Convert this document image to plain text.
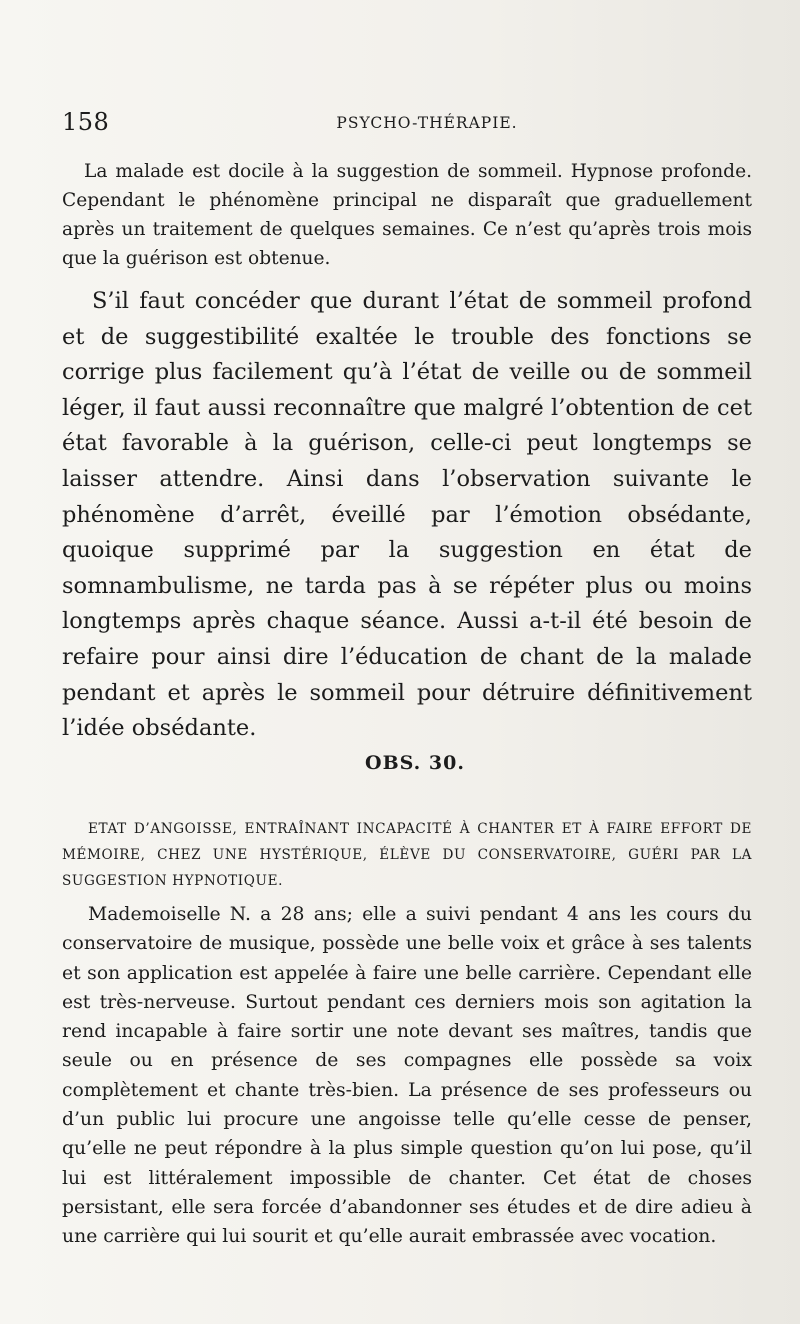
158	PSYCHO-THÉRAPIE.

La malade est docile à la suggestion de sommeil. Hypnose profonde. Cependant le phénomène principal ne disparaît que graduellement après un traitement de quelques semaines. Ce n’est qu’après trois mois que la guérison est obtenue.

S’il faut concéder que durant l’état de sommeil profond et de suggestibilité exaltée le trouble des fonctions se corrige plus facilement qu’à l’état de veille ou de sommeil léger, il faut aussi reconnaître que malgré l’obtention de cet état favorable à la guérison, celle-ci peut longtemps se laisser attendre. Ainsi dans l’observation suivante le phénomène d’arrêt, éveillé par l’émotion obsédante, quoique supprimé par la suggestion en état de somnambulisme, ne tarda pas à se répéter plus ou moins longtemps après chaque séance. Aussi a-t-il été besoin de refaire pour ainsi dire l’éducation de chant de la malade pendant et après le sommeil pour détruire définitivement l’idée obsédante.

OBS. 30.

ETAT D’ANGOISSE, ENTRAÎNANT INCAPACITÉ À CHANTER ET À FAIRE EFFORT DE MÉMOIRE, CHEZ UNE HYSTÉRIQUE, ÉLÈVE DU CONSERVATOIRE, GUÉRI PAR LA SUGGESTION HYPNOTIQUE.

Mademoiselle N. a 28 ans; elle a suivi pendant 4 ans les cours du conservatoire de musique, possède une belle voix et grâce à ses talents et son application est appelée à faire une belle carrière. Cependant elle est très-nerveuse. Surtout pendant ces derniers mois son agitation la rend incapable à faire sortir une note devant ses maîtres, tandis que seule ou en présence de ses compagnes elle possède sa voix complètement et chante très-bien. La présence de ses professeurs ou d’un public lui procure une angoisse telle qu’elle cesse de penser, qu’elle ne peut répondre à la plus simple question qu’on lui pose, qu’il lui est littéralement impossible de chanter. Cet état de choses persistant, elle sera forcée d’abandonner ses études et de dire adieu à une carrière qui lui sourit et qu’elle aurait embrassée avec vocation.
